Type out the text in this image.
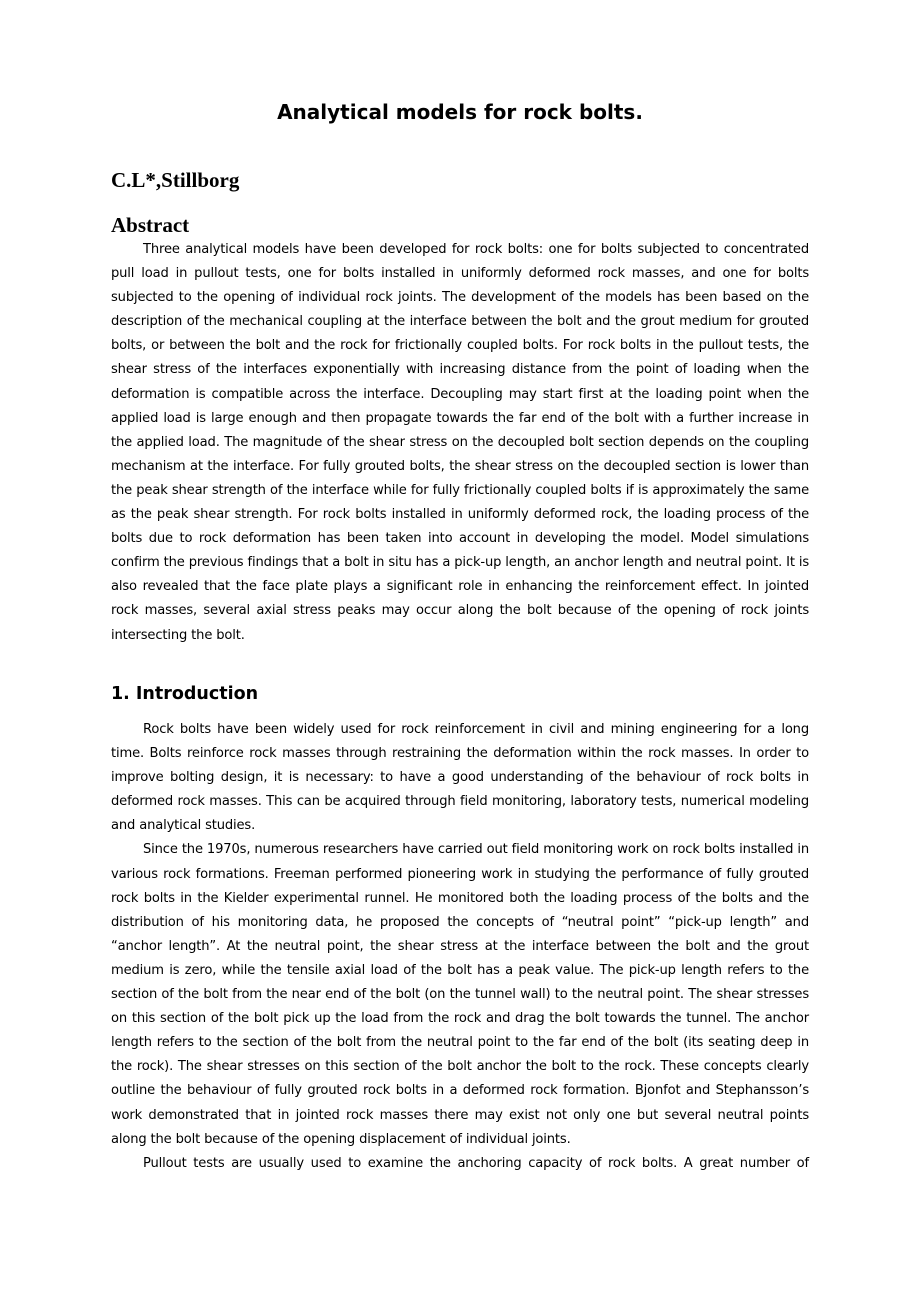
Analytical models for rock bolts.
C.L*,Stillborg
Abstract

Three analytical models have been developed for rock bolts: one for bolts subjected to concentrated pull load in pullout tests, one for bolts installed in uniformly deformed rock masses, and one for bolts subjected to the opening of individual rock joints. The development of the models has been based on the description of the mechanical coupling at the interface between the bolt and the grout medium for grouted bolts, or between the bolt and the rock for frictionally coupled bolts. For rock bolts in the pullout tests, the shear stress of the interfaces exponentially with increasing distance from the point of loading when the deformation is compatible across the interface. Decoupling may start first at the loading point when the applied load is large enough and then propagate towards the far end of the bolt with a further increase in the applied load. The magnitude of the shear stress on the decoupled bolt section depends on the coupling mechanism at the interface. For fully grouted bolts, the shear stress on the decoupled section is lower than the peak shear strength of the interface while for fully frictionally coupled bolts if is approximately the same as the peak shear strength. For rock bolts installed in uniformly deformed rock, the loading process of the bolts due to rock deformation has been taken into account in developing the model. Model simulations confirm the previous findings that a bolt in situ has a pick-up length, an anchor length and neutral point. It is also revealed that the face plate plays a significant role in enhancing the reinforcement effect. In jointed rock masses, several axial stress peaks may occur along the bolt because of the opening of rock joints intersecting the bolt.

1. Introduction

Rock bolts have been widely used for rock reinforcement in civil and mining engineering for a long time. Bolts reinforce rock masses through restraining the deformation within the rock masses. In order to improve bolting design, it is necessary: to have a good understanding of the behaviour of rock bolts in deformed rock masses. This can be acquired through field monitoring, laboratory tests, numerical modeling and analytical studies.

Since the 1970s, numerous researchers have carried out field monitoring work on rock bolts installed in various rock formations. Freeman performed pioneering work in studying the performance of fully grouted rock bolts in the Kielder experimental runnel. He monitored both the loading process of the bolts and the distribution of his monitoring data, he proposed the concepts of “neutral point” “pick-up length” and “anchor length”. At the neutral point, the shear stress at the interface between the bolt and the grout medium is zero, while the tensile axial load of the bolt has a peak value. The pick-up length refers to the section of the bolt from the near end of the bolt (on the tunnel wall) to the neutral point. The shear stresses on this section of the bolt pick up the load from the rock and drag the bolt towards the tunnel. The anchor length refers to the section of the bolt from the neutral point to the far end of the bolt (its seating deep in the rock). The shear stresses on this section of the bolt anchor the bolt to the rock. These concepts clearly outline the behaviour of fully grouted rock bolts in a deformed rock formation. Bjonfot and Stephansson’s work demonstrated that in jointed rock masses there may exist not only one but several neutral points along the bolt because of the opening displacement of individual joints.

Pullout tests are usually used to examine the anchoring capacity of rock bolts. A great number of
